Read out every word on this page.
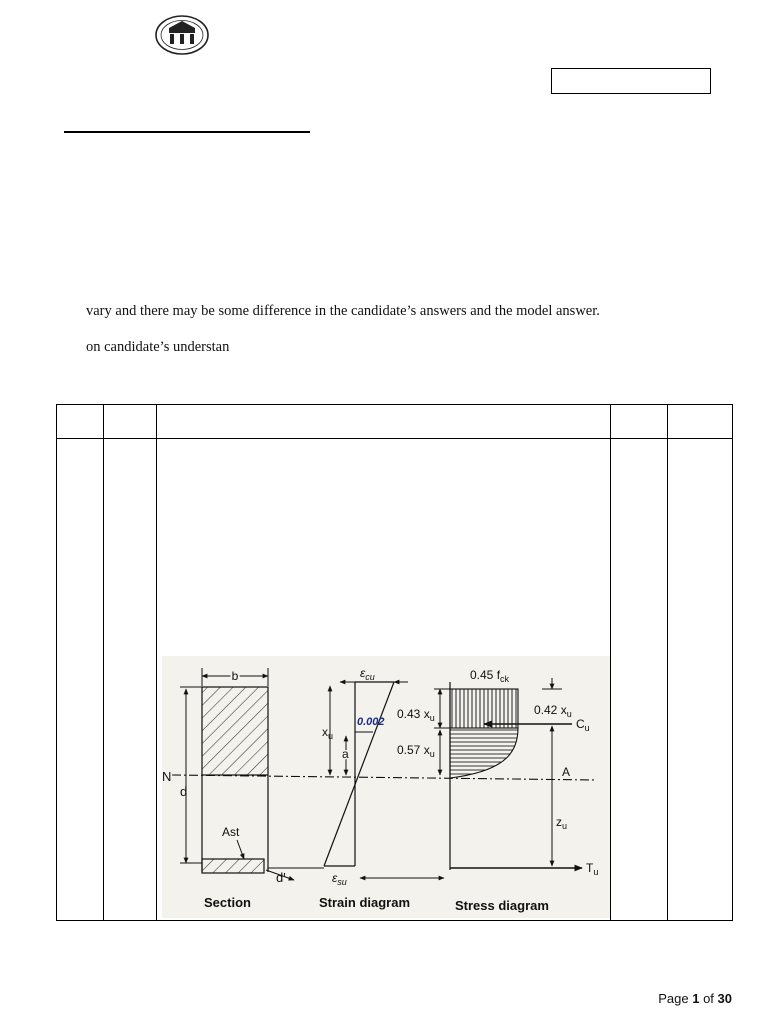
vary and there may be some difference in the candidate’s answers and the model answer.
on candidate’s understan
b
Ast
d
N
d'
$\varepsilon_{cu}$
0.002
$x_u$
a
$\varepsilon_{su}$
0.45 $f_{ck}$
0.43 $x_u$
0.57 $x_u$
0.42 $x_u$
$C_u$
A
$z_u$
$T_u$
Section	Strain diagram	Stress diagram
Page 1 of 30
